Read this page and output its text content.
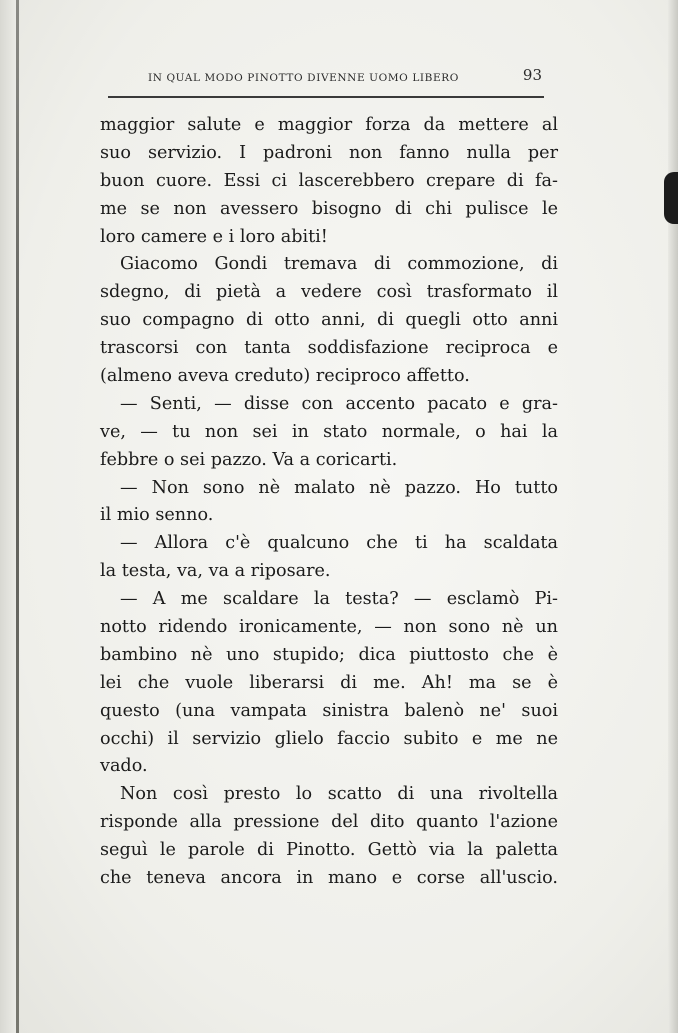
IN QUAL MODO PINOTTO DIVENNE UOMO LIBERO	93
maggior salute e maggior forza da mettere al
suo servizio. I padroni non fanno nulla per
buon cuore. Essi ci lascerebbero crepare di fa-
me se non avessero bisogno di chi pulisce le
loro camere e i loro abiti!
Giacomo Gondi tremava di commozione, di
sdegno, di pietà a vedere così trasformato il
suo compagno di otto anni, di quegli otto anni
trascorsi con tanta soddisfazione reciproca e
(almeno aveva creduto) reciproco affetto.
— Senti, — disse con accento pacato e gra-
ve, — tu non sei in stato normale, o hai la
febbre o sei pazzo. Va a coricarti.
— Non sono nè malato nè pazzo. Ho tutto
il mio senno.
— Allora c'è qualcuno che ti ha scaldata
la testa, va, va a riposare.
— A me scaldare la testa? — esclamò Pi-
notto ridendo ironicamente, — non sono nè un
bambino nè uno stupido; dica piuttosto che è
lei che vuole liberarsi di me. Ah! ma se è
questo (una vampata sinistra balenò ne' suoi
occhi) il servizio glielo faccio subito e me ne
vado.
Non così presto lo scatto di una rivoltella
risponde alla pressione del dito quanto l'azione
seguì le parole di Pinotto. Gettò via la paletta
che teneva ancora in mano e corse all'uscio.
